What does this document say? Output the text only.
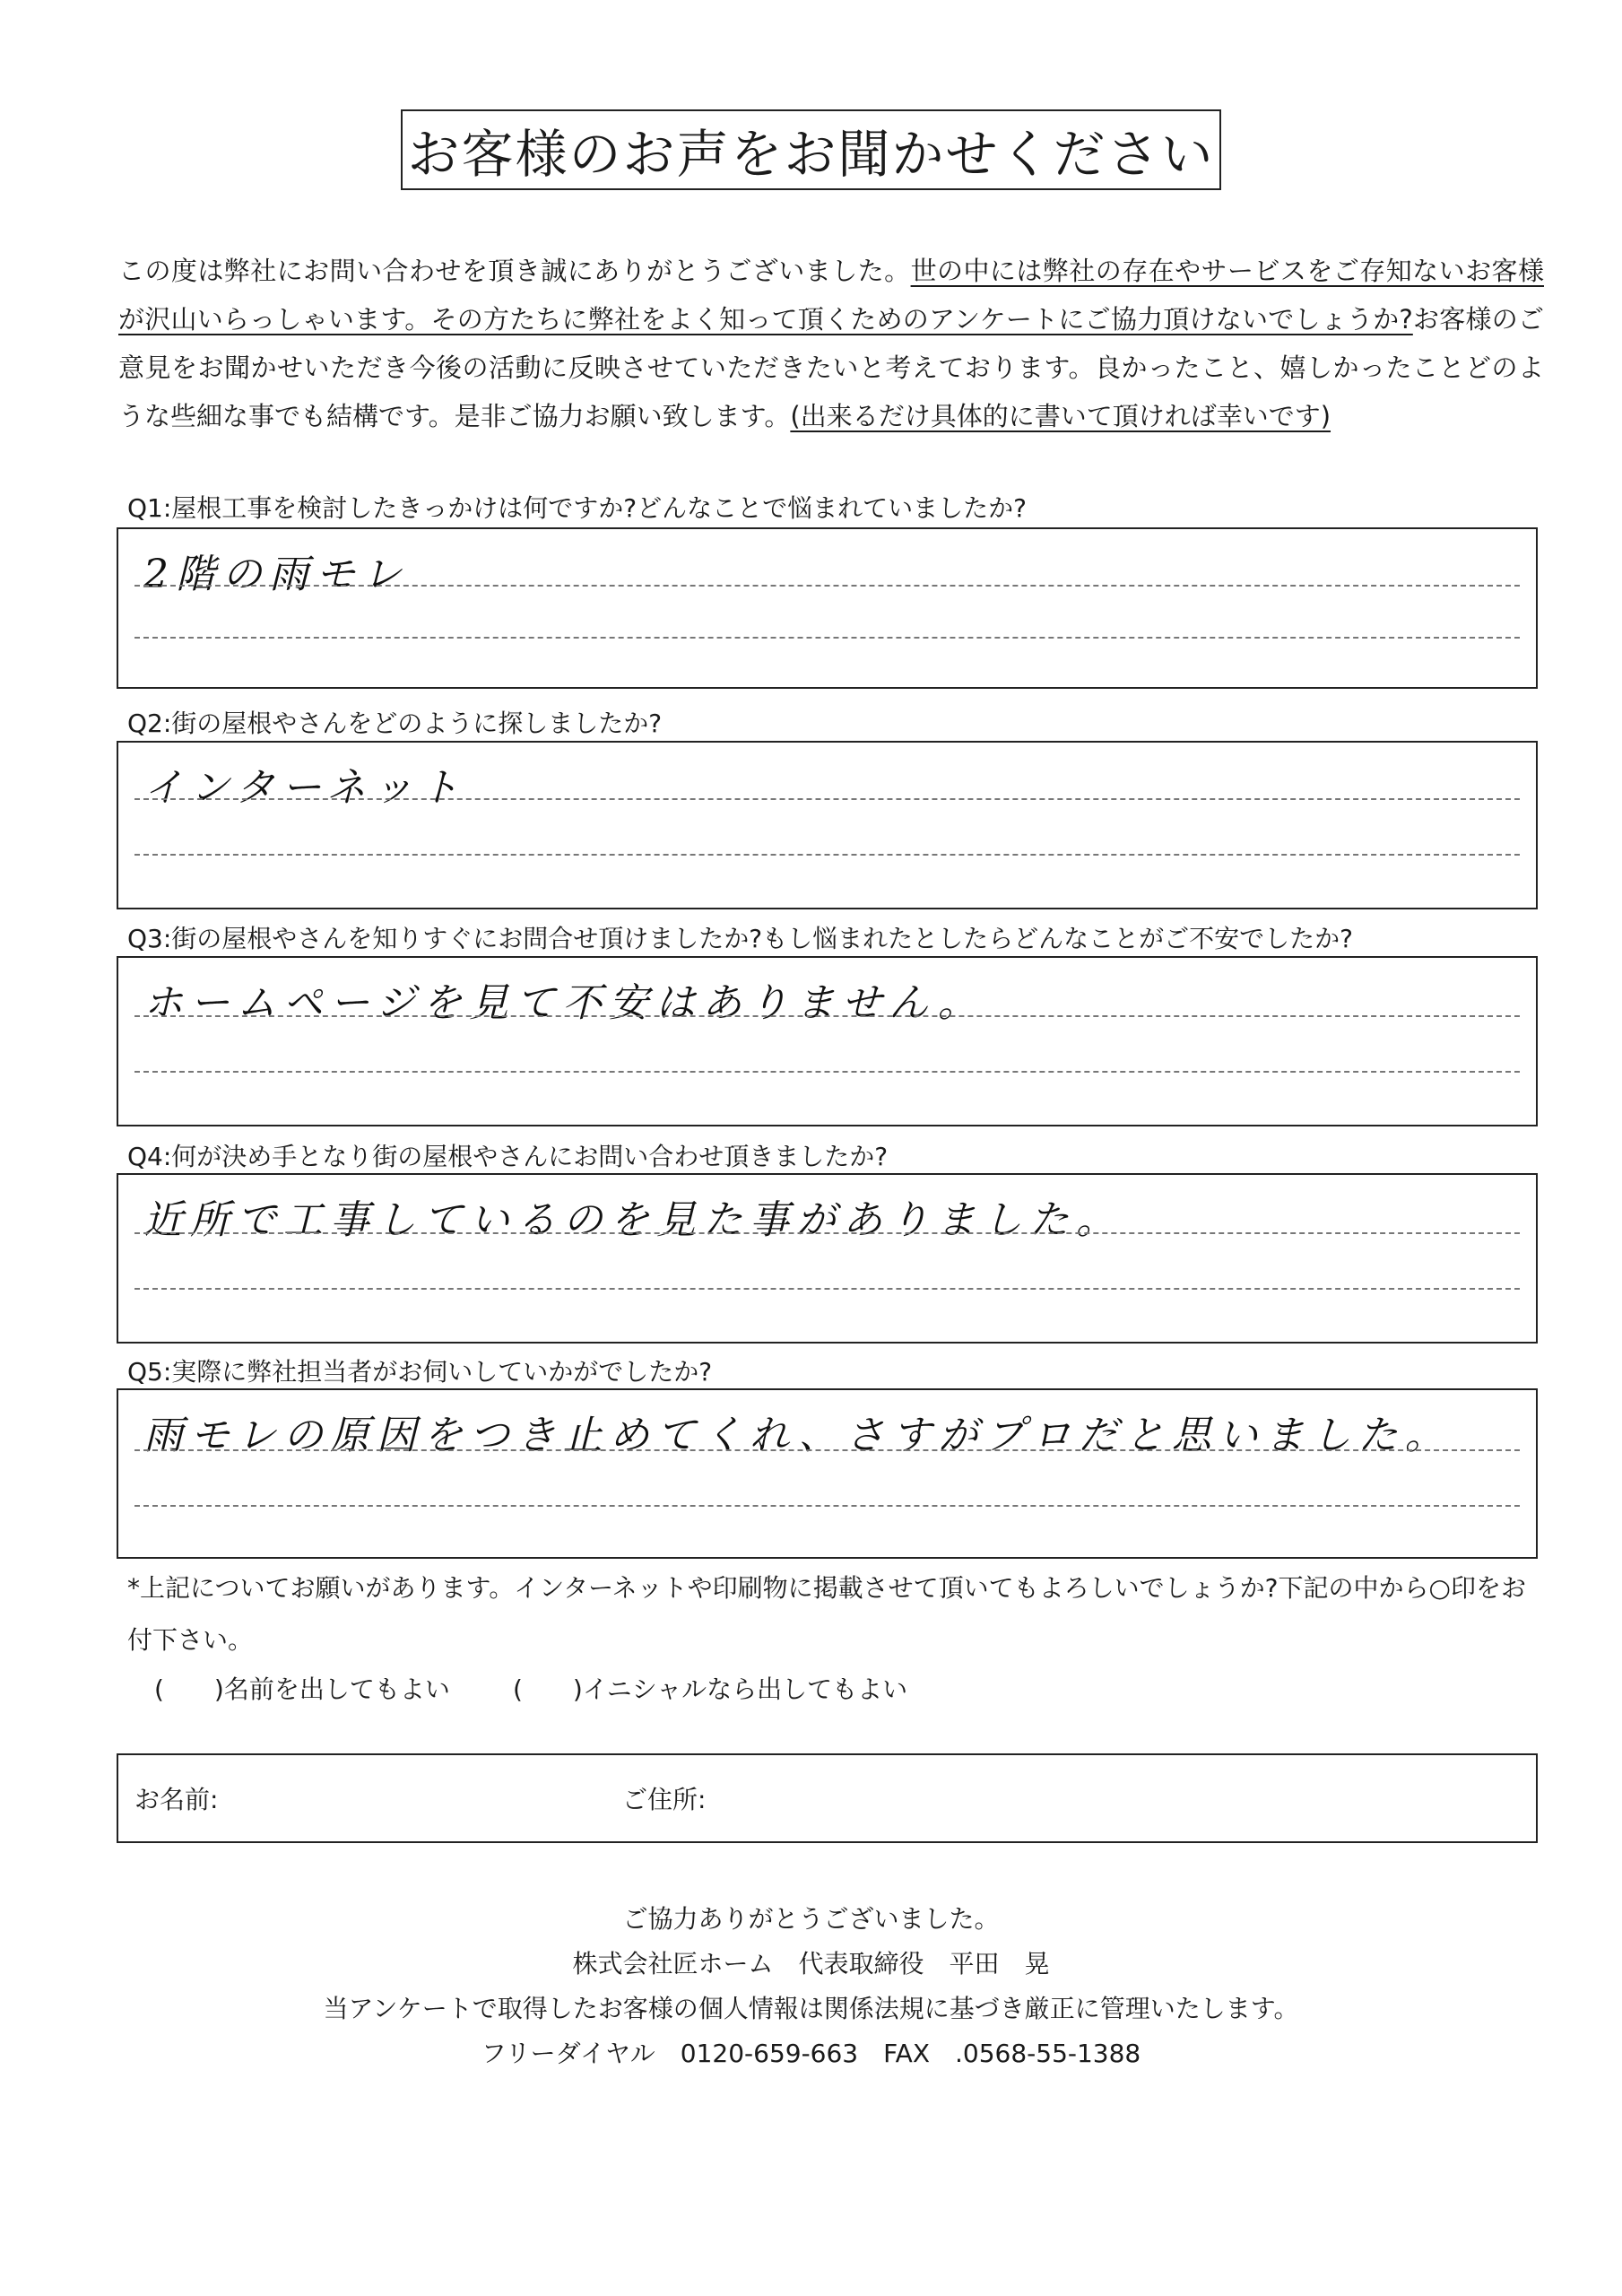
お客様のお声をお聞かせください
この度は弊社にお問い合わせを頂き誠にありがとうございました。世の中には弊社の存在やサービスをご存知ないお客様が沢山いらっしゃいます。その方たちに弊社をよく知って頂くためのアンケートにご協力頂けないでしょうか?お客様のご意見をお聞かせいただき今後の活動に反映させていただきたいと考えております。良かったこと、嬉しかったことどのような些細な事でも結構です。是非ご協力お願い致します。(出来るだけ具体的に書いて頂ければ幸いです)
Q1:屋根工事を検討したきっかけは何ですか?どんなことで悩まれていましたか?
2階の雨モレ
Q2:街の屋根やさんをどのように探しましたか?
インターネット
Q3:街の屋根やさんを知りすぐにお問合せ頂けましたか?もし悩まれたとしたらどんなことがご不安でしたか?
ホームページを見て不安はありません。
Q4:何が決め手となり街の屋根やさんにお問い合わせ頂きましたか?
近所で工事しているのを見た事がありました。
Q5:実際に弊社担当者がお伺いしていかがでしたか?
雨モレの原因をつき止めてくれ、さすがプロだと思いました。
*上記についてお願いがあります。インターネットや印刷物に掲載させて頂いてもよろしいでしょうか?下記の中から○印をお付下さい。
(　　)名前を出してもよい	(　　)イニシャルなら出してもよい
お名前:	ご住所:
ご協力ありがとうございました。
株式会社匠ホーム　代表取締役　平田　晃
当アンケートで取得したお客様の個人情報は関係法規に基づき厳正に管理いたします。
フリーダイヤル　0120-659-663　FAX　.0568-55-1388
